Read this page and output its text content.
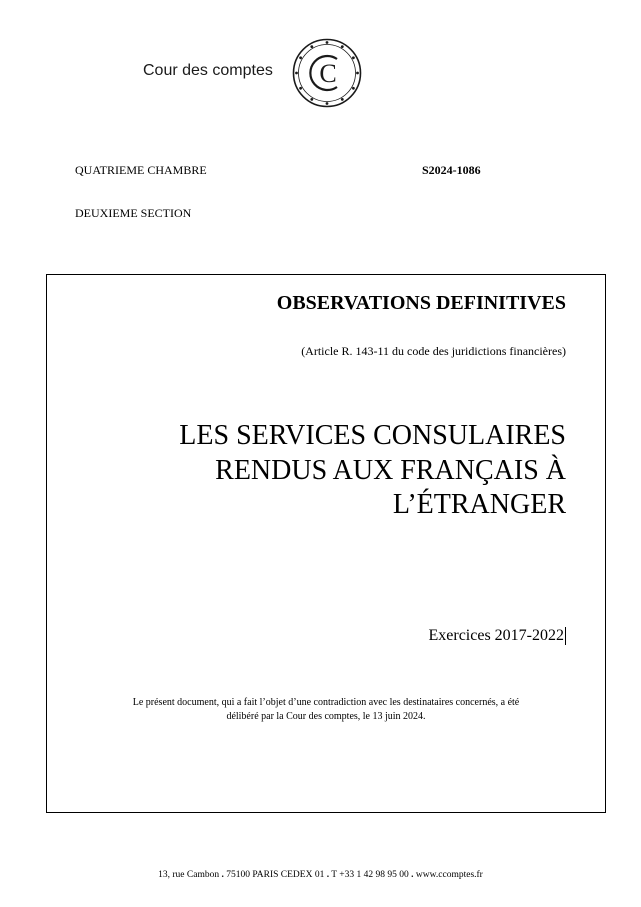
Cour des comptes C
QUATRIEME CHAMBRE	S2024-1086
DEUXIEME SECTION
OBSERVATIONS DEFINITIVES
(Article R. 143-11 du code des juridictions financières)
LES SERVICES CONSULAIRES
RENDUS AUX FRANÇAIS À
L’ÉTRANGER
Exercices 2017-2022
Le présent document, qui a fait l’objet d’une contradiction avec les destinataires concernés, a été
délibéré par la Cour des comptes, le 13 juin 2024.
13, rue Cambon . 75100 PARIS CEDEX 01 . T +33 1 42 98 95 00 . www.ccomptes.fr
